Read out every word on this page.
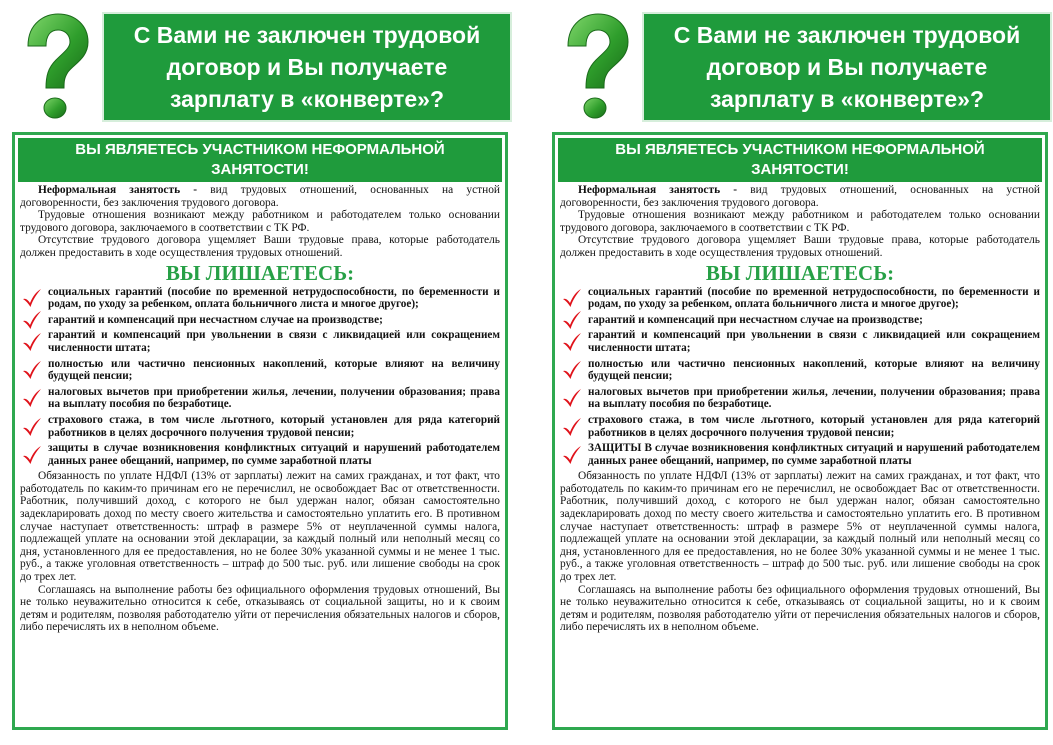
С Вами не заключен трудовой договор и Вы получаете зарплату в «конверте»?
ВЫ ЯВЛЯЕТЕСЬ УЧАСТНИКОМ НЕФОРМАЛЬНОЙ ЗАНЯТОСТИ!

Неформальная занятость - вид трудовых отношений, основанных на устной договоренности, без заключения трудового договора.

Трудовые отношения возникают между работником и работодателем только основании трудового договора, заключаемого в соответствии с ТК РФ.

Отсутствие трудового договора ущемляет Ваши трудовые права, которые работодатель должен предоставить в ходе осуществления трудовых отношений.

ВЫ ЛИШАЕТЕСЬ:
социальных гарантий (пособие по временной нетрудоспособности, по беременности и родам, по уходу за ребенком, оплата больничного листа и многое другое);
гарантий и компенсаций при несчастном случае на производстве;
гарантий и компенсаций при увольнении в связи с ликвидацией или сокращением численности штата;
полностью или частично пенсионных накоплений, которые влияют на величину будущей пенсии;
налоговых вычетов при приобретении жилья, лечении, получении образования; права на выплату пособия по безработице.
страхового стажа, в том числе льготного, который установлен для ряда категорий работников в целях досрочного получения трудовой пенсии;
защиты в случае возникновения конфликтных ситуаций и нарушений работодателем данных ранее обещаний, например, по сумме заработной платы

Обязанность по уплате НДФЛ (13% от зарплаты) лежит на самих гражданах, и тот факт, что работодатель по каким-то причинам его не перечислил, не освобождает Вас от ответственности. Работник, получивший доход, с которого не был удержан налог, обязан самостоятельно задекларировать доход по месту своего жительства и самостоятельно уплатить его. В противном случае наступает ответственность: штраф в размере 5% от неуплаченной суммы налога, подлежащей уплате на основании этой декларации, за каждый полный или неполный месяц со дня, установленного для ее предоставления, но не более 30% указанной суммы и не менее 1 тыс. руб., а также уголовная ответственность – штраф до 500 тыс. руб. или лишение свободы на срок до трех лет.

Соглашаясь на выполнение работы без официального оформления трудовых отношений, Вы не только неуважительно относится к себе, отказываясь от социальной защиты, но и к своим детям и родителям, позволяя работодателю уйти от перечисления обязательных налогов и сборов, либо перечислять их в неполном объеме.

С Вами не заключен трудовой договор и Вы получаете зарплату в «конверте»?
ВЫ ЯВЛЯЕТЕСЬ УЧАСТНИКОМ НЕФОРМАЛЬНОЙ ЗАНЯТОСТИ!

Неформальная занятость - вид трудовых отношений, основанных на устной договоренности, без заключения трудового договора.

Трудовые отношения возникают между работником и работодателем только основании трудового договора, заключаемого в соответствии с ТК РФ.

Отсутствие трудового договора ущемляет Ваши трудовые права, которые работодатель должен предоставить в ходе осуществления трудовых отношений.

ВЫ ЛИШАЕТЕСЬ:
социальных гарантий (пособие по временной нетрудоспособности, по беременности и родам, по уходу за ребенком, оплата больничного листа и многое другое);
гарантий и компенсаций при несчастном случае на производстве;
гарантий и компенсаций при увольнении в связи с ликвидацией или сокращением численности штата;
полностью или частично пенсионных накоплений, которые влияют на величину будущей пенсии;
налоговых вычетов при приобретении жилья, лечении, получении образования; права на выплату пособия по безработице.
страхового стажа, в том числе льготного, который установлен для ряда категорий работников в целях досрочного получения трудовой пенсии;
ЗАЩИТЫ В случае возникновения конфликтных ситуаций и нарушений работодателем данных ранее обещаний, например, по сумме заработной платы

Обязанность по уплате НДФЛ (13% от зарплаты) лежит на самих гражданах, и тот факт, что работодатель по каким-то причинам его не перечислил, не освобождает Вас от ответственности. Работник, получивший доход, с которого не был удержан налог, обязан самостоятельно задекларировать доход по месту своего жительства и самостоятельно уплатить его. В противном случае наступает ответственность: штраф в размере 5% от неуплаченной суммы налога, подлежащей уплате на основании этой декларации, за каждый полный или неполный месяц со дня, установленного для ее предоставления, но не более 30% указанной суммы и не менее 1 тыс. руб., а также уголовная ответственность – штраф до 500 тыс. руб. или лишение свободы на срок до трех лет.

Соглашаясь на выполнение работы без официального оформления трудовых отношений, Вы не только неуважительно относится к себе, отказываясь от социальной защиты, но и к своим детям и родителям, позволяя работодателю уйти от перечисления обязательных налогов и сборов, либо перечислять их в неполном объеме.
